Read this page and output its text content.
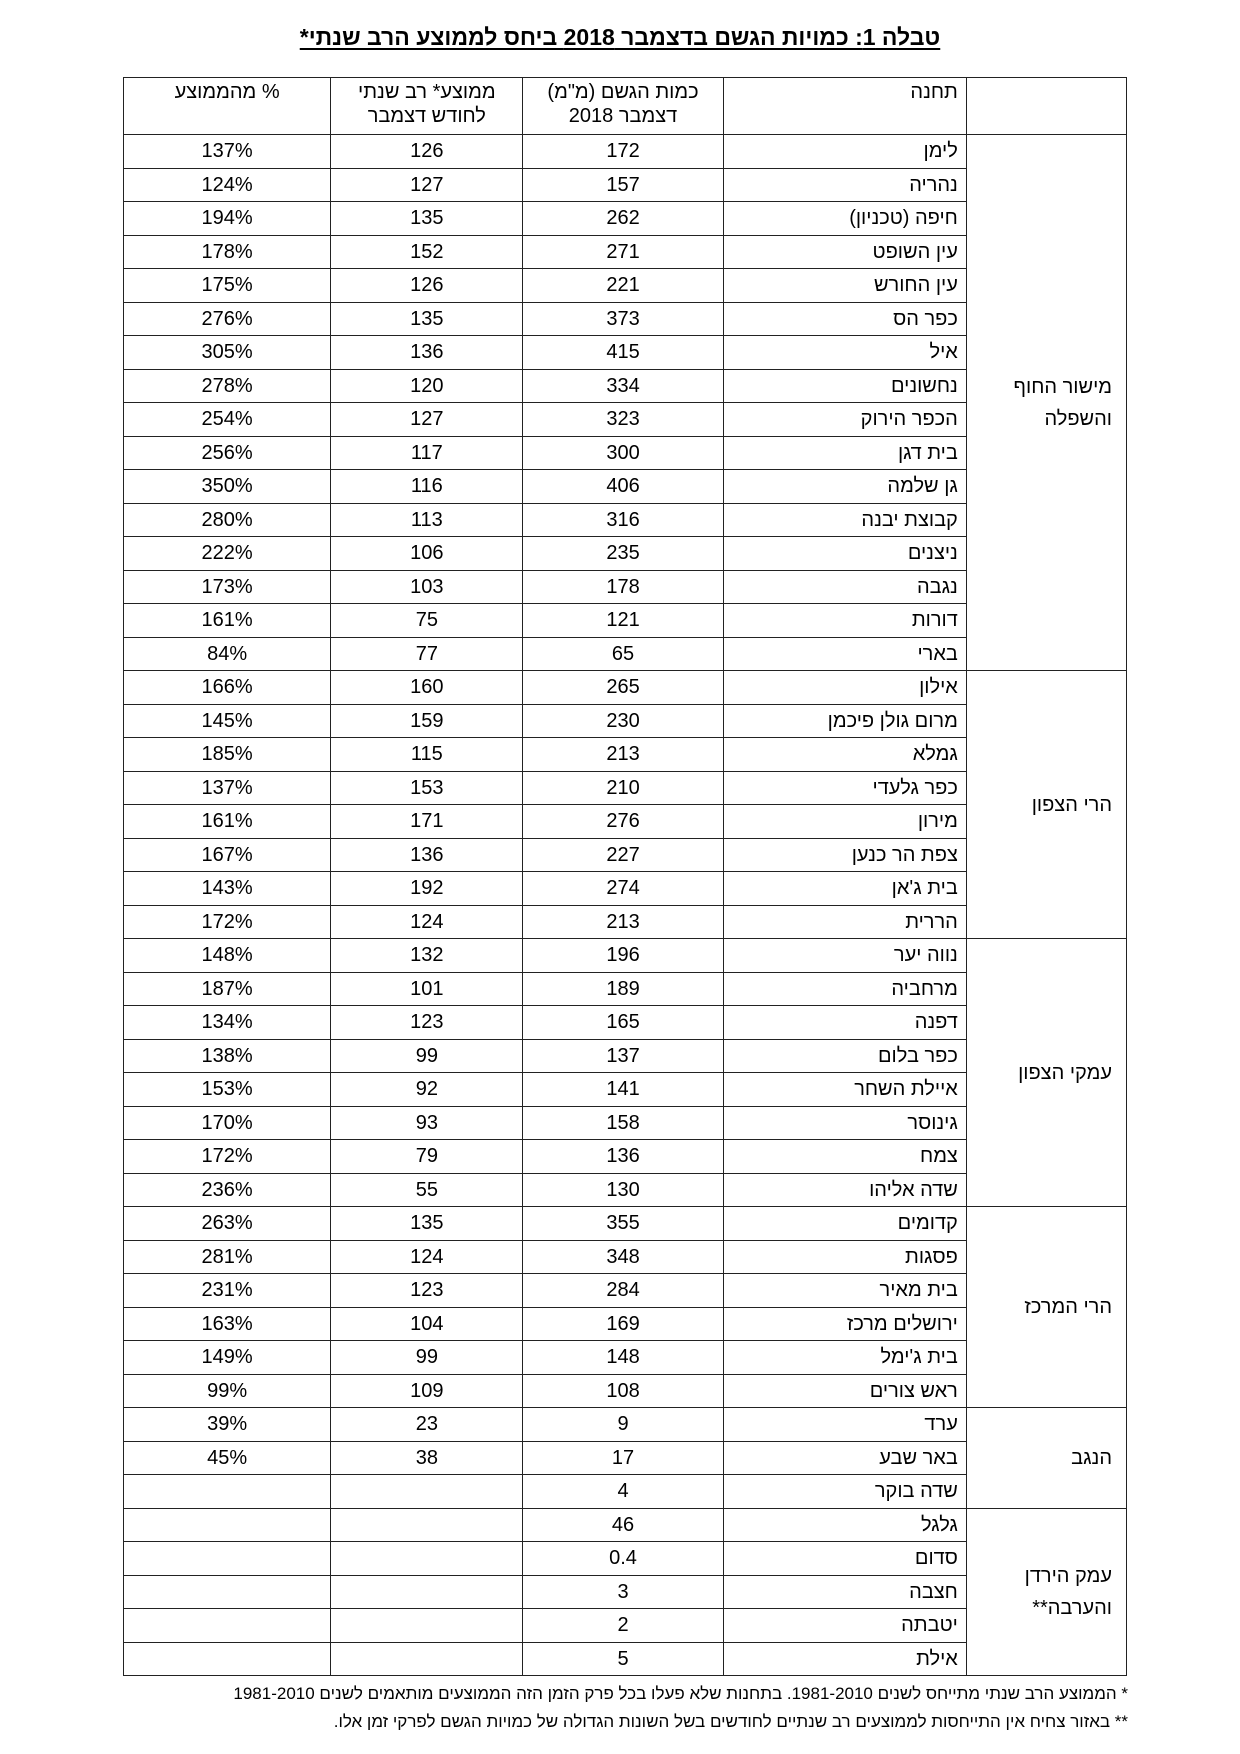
טבלה 1: כמויות הגשם בדצמבר 2018 ביחס לממוצע הרב שנתי*
	תחנה	כמות הגשם (מ"מ) דצמבר 2018	ממוצע* רב שנתי לחודש דצמבר	% מהממוצע
מישור החוף והשפלה	לימן	172	126	137%
	נהריה	157	127	124%
	חיפה (טכניון)	262	135	194%
	עין השופט	271	152	178%
	עין החורש	221	126	175%
	כפר הס	373	135	276%
	איל	415	136	305%
	נחשונים	334	120	278%
	הכפר הירוק	323	127	254%
	בית דגן	300	117	256%
	גן שלמה	406	116	350%
	קבוצת יבנה	316	113	280%
	ניצנים	235	106	222%
	נגבה	178	103	173%
	דורות	121	75	161%
	בארי	65	77	84%
הרי הצפון	אילון	265	160	166%
	מרום גולן פיכמן	230	159	145%
	גמלא	213	115	185%
	כפר גלעדי	210	153	137%
	מירון	276	171	161%
	צפת הר כנען	227	136	167%
	בית ג'אן	274	192	143%
	הררית	213	124	172%
עמקי הצפון	נווה יער	196	132	148%
	מרחביה	189	101	187%
	דפנה	165	123	134%
	כפר בלום	137	99	138%
	איילת השחר	141	92	153%
	גינוסר	158	93	170%
	צמח	136	79	172%
	שדה אליהו	130	55	236%
הרי המרכז	קדומים	355	135	263%
	פסגות	348	124	281%
	בית מאיר	284	123	231%
	ירושלים מרכז	169	104	163%
	בית ג'ימל	148	99	149%
	ראש צורים	108	109	99%
הנגב	ערד	9	23	39%
	באר שבע	17	38	45%
	שדה בוקר	4		
עמק הירדן והערבה**	גלגל	46		
	סדום	0.4		
	חצבה	3		
	יטבתה	2		
	אילת	5		
* הממוצע הרב שנתי מתייחס לשנים 1981-2010. בתחנות שלא פעלו בכל פרק הזמן הזה הממוצעים מותאמים לשנים 1981-2010
** באזור צחיח אין התייחסות לממוצעים רב שנתיים לחודשים בשל השונות הגדולה של כמויות הגשם לפרקי זמן אלו.
